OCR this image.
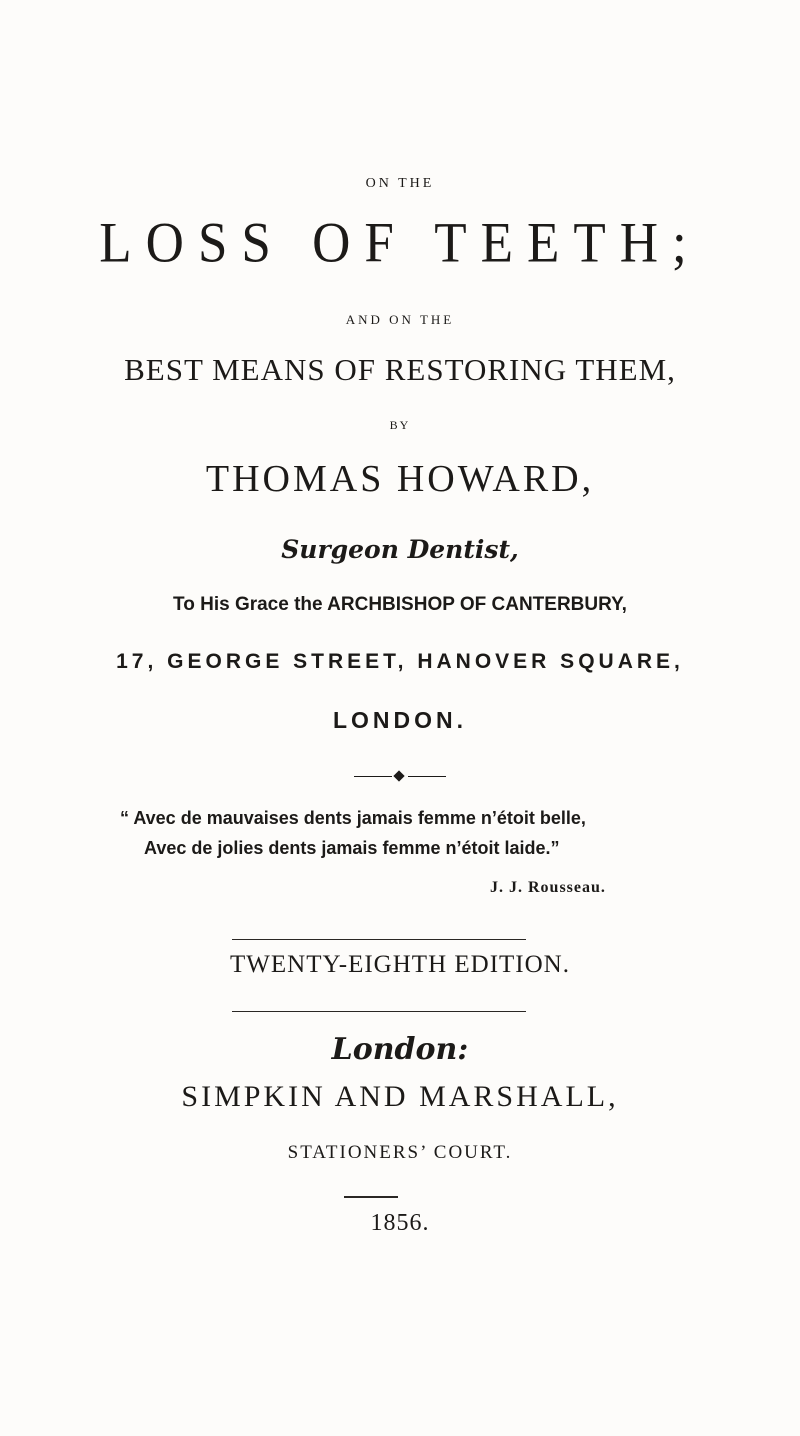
ON THE
LOSS OF TEETH;
AND ON THE
BEST MEANS OF RESTORING THEM,
BY
THOMAS HOWARD,
Surgeon Dentist,
To His Grace the ARCHBISHOP OF CANTERBURY,
17, GEORGE STREET, HANOVER SQUARE,
LONDON.
“ Avec de mauvaises dents jamais femme n’étoit belle,
Avec de jolies dents jamais femme n’étoit laide.”
J. J. Rousseau.
TWENTY-EIGHTH EDITION.
London:
SIMPKIN AND MARSHALL,
STATIONERS’ COURT.
1856.
